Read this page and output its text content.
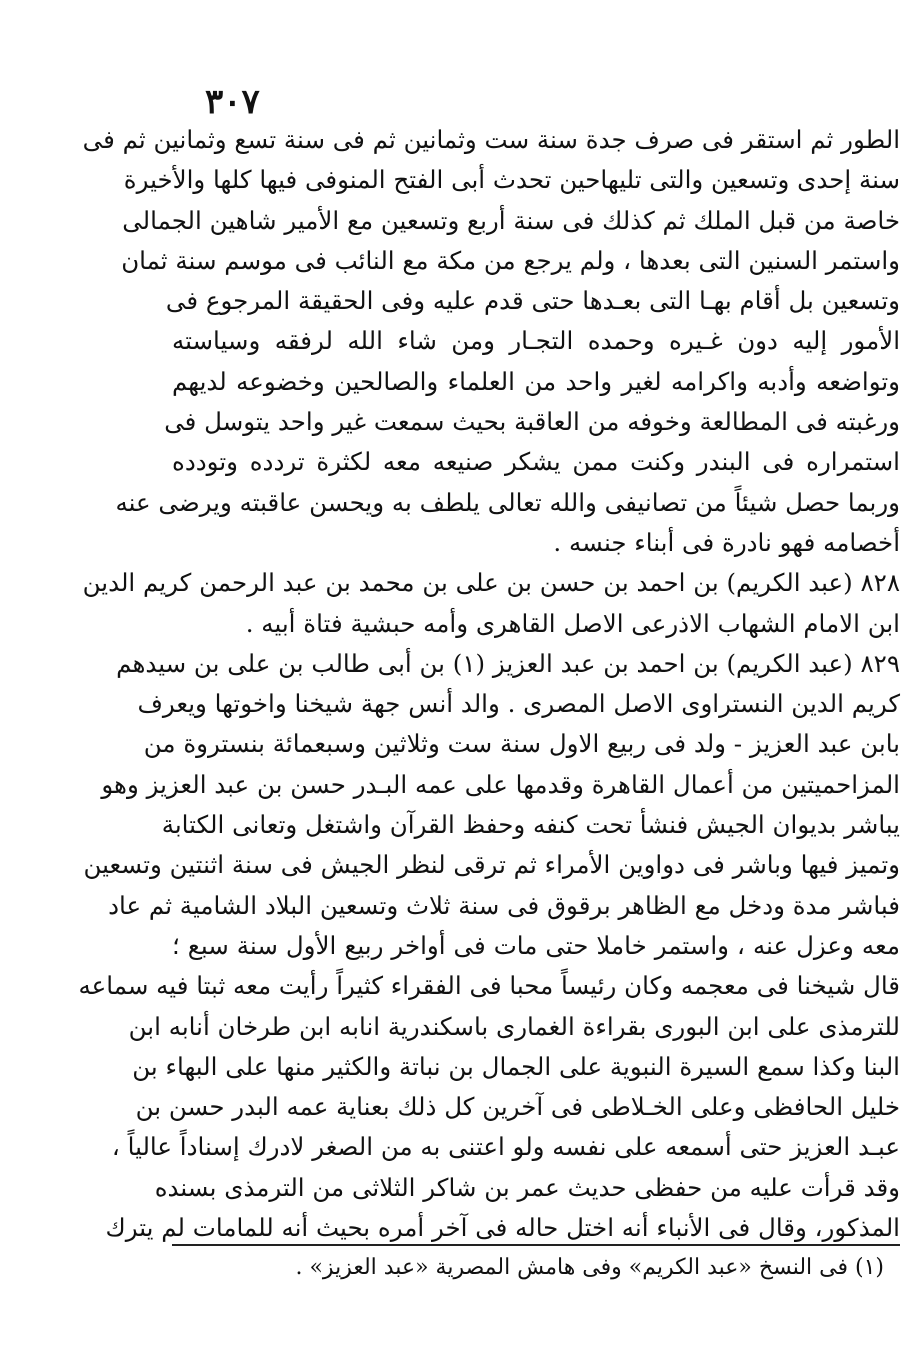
٣٠٧
الطور ثم استقر فى صرف جدة سنة ست وثمانين ثم فى سنة تسع وثمانين ثم فى
سنة إحدى وتسعين والتى تليهاحين تحدث أبى الفتح المنوفى فيها كلها والأخيرة
خاصة من قبل الملك ثم كذلك فى سنة أربع وتسعين مع الأمير شاهين الجمالى
واستمر السنين التى بعدها ، ولم يرجع من مكة مع النائب فى موسم سنة ثمان
وتسعين بل أقام بهـا التى بعـدها حتى قدم عليه وفى الحقيقة المرجوع فى
الأمور إليه دون غـيره وحمده التجـار ومن شاء الله لرفقه وسياسته
وتواضعه وأدبه واكرامه لغير واحد من العلماء والصالحين وخضوعه لديهم
ورغبته فى المطالعة وخوفه من العاقبة بحيث سمعت غير واحد يتوسل فى
استمراره فى البندر وكنت ممن يشكر صنيعه معه لكثرة تردده وتودده
وربما حصل شيئاً من تصانيفى والله تعالى يلطف به ويحسن عاقبته ويرضى عنه
أخصامه فهو نادرة فى أبناء جنسه .
٨٢٨ (عبد الكريم) بن احمد بن حسن بن على بن محمد بن عبد الرحمن كريم الدين
ابن الامام الشهاب الاذرعى الاصل القاهرى وأمه حبشية فتاة أبيه .
٨٢٩ (عبد الكريم) بن احمد بن عبد العزيز (١) بن أبى طالب بن على بن سيدهم
كريم الدين النستراوى الاصل المصرى . والد أنس جهة شيخنا واخوتها ويعرف
بابن عبد العزيز - ولد فى ربيع الاول سنة ست وثلاثين وسبعمائة بنستروة من
المزاحميتين من أعمال القاهرة وقدمها على عمه البـدر حسن بن عبد العزيز وهو
يباشر بديوان الجيش فنشأ تحت كنفه وحفظ القرآن واشتغل وتعانى الكتابة
وتميز فيها وباشر فى دواوين الأمراء ثم ترقى لنظر الجيش فى سنة اثنتين وتسعين
فباشر مدة ودخل مع الظاهر برقوق فى سنة ثلاث وتسعين البلاد الشامية ثم عاد
معه وعزل عنه ، واستمر خاملا حتى مات فى أواخر ربيع الأول سنة سبع ؛
قال شيخنا فى معجمه وكان رئيساً محبا فى الفقراء كثيراً رأيت معه ثبتا فيه سماعه
للترمذى على ابن البورى بقراءة الغمارى باسكندرية انابه ابن طرخان أنابه ابن
البنا وكذا سمع السيرة النبوية على الجمال بن نباتة والكثير منها على البهاء بن
خليل الحافظى وعلى الخـلاطى فى آخرين كل ذلك بعناية عمه البدر حسن بن
عبـد العزيز حتى أسمعه على نفسه ولو اعتنى به من الصغر لادرك إسناداً عالياً ،
وقد قرأت عليه من حفظى حديث عمر بن شاكر الثلاثى من الترمذى بسنده
المذكور، وقال فى الأنباء أنه اختل حاله فى آخر أمره بحيث أنه للمامات لم يترك
(١) فى النسخ «عبد الكريم» وفى هامش المصرية «عبد العزيز» .
